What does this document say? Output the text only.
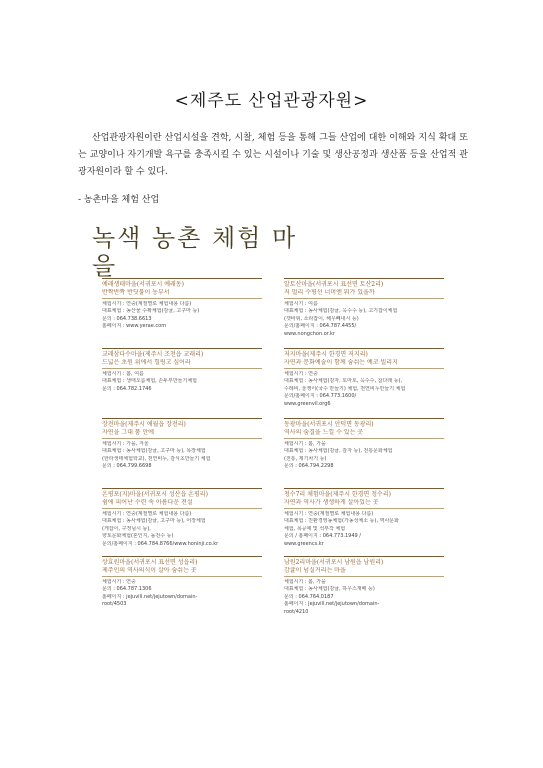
<제주도 산업관광자원>

산업관광자원이란 산업시설을 견학, 시찰, 체험 등을 통해 그들 산업에 대한 이해와 지식 확대 또는 교양이나 자기개발 욕구를 충족시킬 수 있는 시설이나 기술 및 생산공정과 생산품 등을 산업적 관광자원이라 할 수 있다.

- 농촌마을 체험 산업
녹색 농촌 체험 마을
예래생태마을(서귀포시 예래동)
반짝반짝 반딧불이 농부서
체험시기 : 연중(계절별로 체험내용 다름)
대표체험 : 농산물 수확체험(감귤, 고구마 등)
문의 : 064.738.6613
홈페이지 : www.yerae.com
교래삼다수마을(제주시 조천읍 교래리)
드넓은 초원 위에서 힐링고 싶어라
체험시기 : 봄, 여름
대표체험 : 생태오름체험, 손두부만들기체험
문의 : 064.782.1746
장전마을(제주시 애월읍 장전리)
자연을 그대 품 안에
체험시기 : 가을, 겨울
대표체험 : 농사체험(감귤, 고구마 등), 목장체험
(한라생태체험학교), 천연비누, 감식초만들기 체험
문의 : 064.799.6698
온평포(지)마을(서귀포시 성산읍 온평리)
쉼에 피어난 수련 속 아름다운 전설
체험시기 : 연중(계절별로 체험내용 다름)
대표체험 : 농사체험(감귤, 고구마 등), 어장체험
(게잡이, 구정님시 등),
향토문화체험(혼인지, 돌전수 등)
문의/홈페이지 : 064.784.8766/www.honinji.co.kr
상효원마을(서귀포시 표선면 성읍리)
제주인의 역사의식이 살아 숨쉬는 곳
체험시기 : 연중
문의 : 064.787.1306
홈페이지 : jejuvill.net/jejutown/domain-
root/4503
알토산마을(서귀포시 표선면 토산2리)
저 멀리 수평선 너머엔 뭐가 있을까
체험시기 : 여름
대표체험 : 농사체험(감귤, 옥수수 등), 고기잡이체험
(갯바위, 소라잡이, 해우빼내시 등)
문의/홈페이지 : 064.787.4455/
www.nongchon.or.kr
저지마을(제주시 한경면 저지리)
자연과 문화예술이 함께 숨쉬는 예코 빌리지
체험시기 : 연중
대표체험 : 농사체험(감자, 토마토, 옥수수, 참다래 등),
수레비, 울쟁이(국수 만들기) 체험, 천연비누만들기 체험
문의/홈페이지 : 064.773.1600/
www.greenvil.org6
동광마을(서귀포시 안덕면 동광리)
역사의 숨결을 느낄 수 있는 곳
체험시기 : 봄, 가을
대표체험 : 농사체험(감귤, 감자 등), 전통문화체험
(전통, 제기차기 등)
문의 : 064.794.2298
청수7리 체험마을(제주시 한경면 청수리)
자연과 역사가 생생하게 살아있는 곳
체험시기 : 연중(계절별로 체험내용 다름)
대표체험 : 친환경영농체험(가농성체소 등), 역사문화
체험, 목공예 및 석부작 체험
문의 / 홈페이지 : 064.773.1949 /
www.greencs.kr
남원2리마을(서귀포시 남원읍 남원리)
감귤이 넘실거리는 마을
체험시기 : 봄, 가을
대표체험 : 농사체험(감귤, 하우스재배 등)
문의 : 064.764.0187
홈페이지 : jejuvill.net/jejutown/domain-
root/4210
